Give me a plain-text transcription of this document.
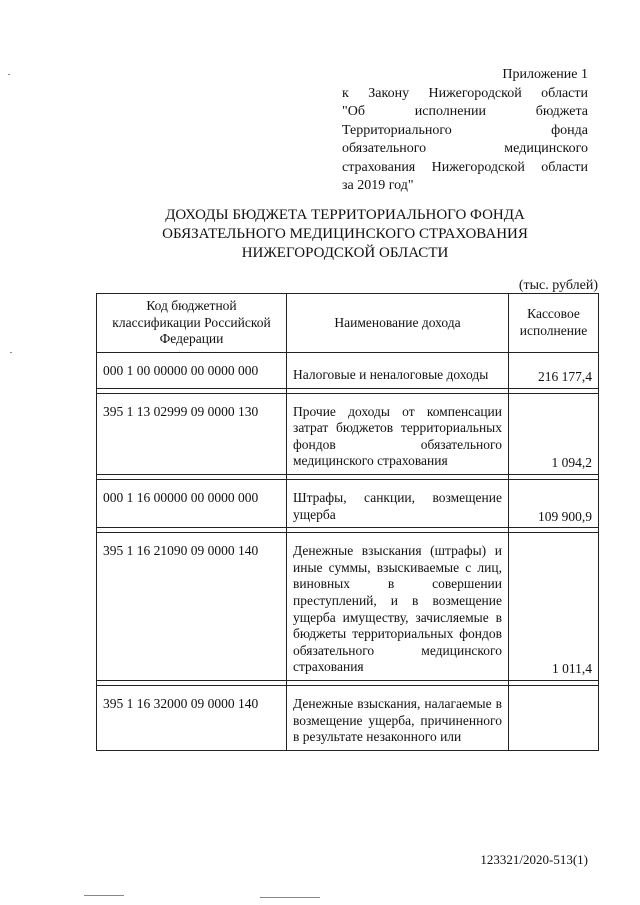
Приложение 1
к Закону Нижегородской области
"Об исполнении бюджета
Территориального фонда
обязательного медицинского
страхования Нижегородской области
за 2019 год"
ДОХОДЫ БЮДЖЕТА ТЕРРИТОРИАЛЬНОГО ФОНДА
ОБЯЗАТЕЛЬНОГО МЕДИЦИНСКОГО СТРАХОВАНИЯ
НИЖЕГОРОДСКОЙ ОБЛАСТИ
(тыс. рублей)
Код бюджетной классификации Российской Федерации	Наименование дохода	Кассовое исполнение
000 1 00 00000 00 0000 000	Налоговые и неналоговые доходы	216 177,4

395 1 13 02999 09 0000 130	Прочие доходы от компенсации затрат бюджетов территориальных фондов обязательного медицинского страхования	1 094,2

000 1 16 00000 00 0000 000	Штрафы, санкции, возмещение ущерба	109 900,9

395 1 16 21090 09 0000 140	Денежные взыскания (штрафы) и иные суммы, взыскиваемые с лиц, виновных в совершении преступлений, и в возмещение ущерба имуществу, зачисляемые в бюджеты территориальных фондов обязательного медицинского страхования	1 011,4

395 1 16 32000 09 0000 140	Денежные взыскания, налагаемые в возмещение ущерба, причиненного в результате незаконного или	
123321/2020-513(1)
